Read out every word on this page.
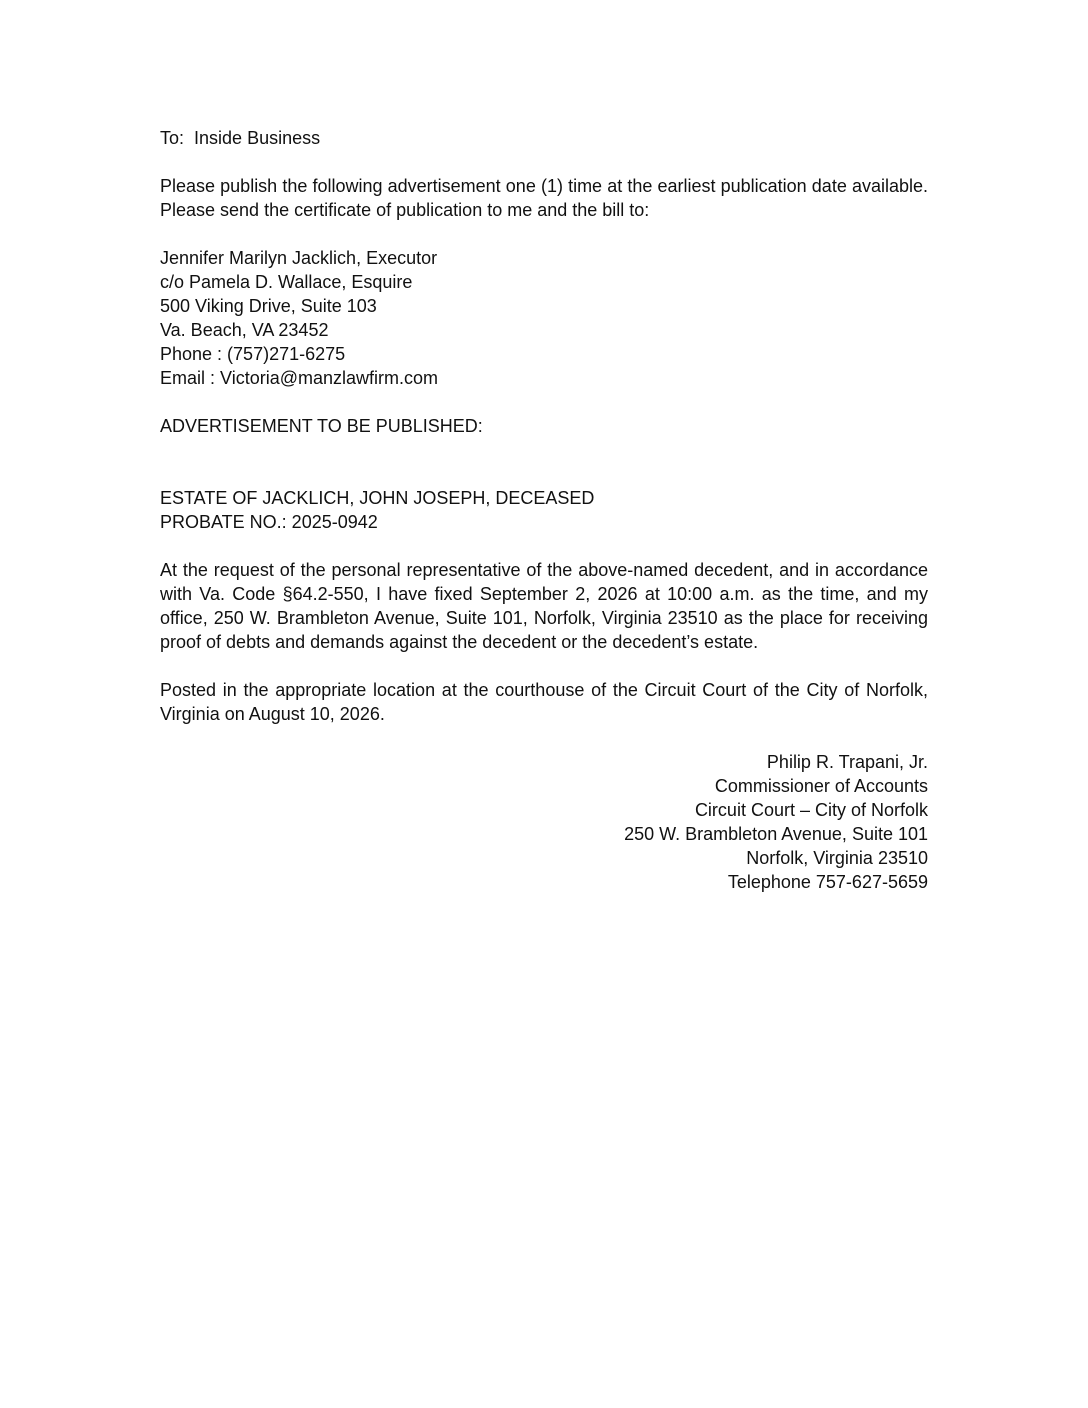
To: Inside Business

Please publish the following advertisement one (1) time at the earliest publication date available. Please send the certificate of publication to me and the bill to:

Jennifer Marilyn Jacklich, Executor
c/o Pamela D. Wallace, Esquire
500 Viking Drive, Suite 103
Va. Beach, VA 23452
Phone : (757)271-6275
Email : Victoria@manzlawfirm.com

ADVERTISEMENT TO BE PUBLISHED:

ESTATE OF JACKLICH, JOHN JOSEPH, DECEASED
PROBATE NO.: 2025-0942

At the request of the personal representative of the above-named decedent, and in accordance with Va. Code §64.2-550, I have fixed September 2, 2026 at 10:00 a.m. as the time, and my office, 250 W. Brambleton Avenue, Suite 101, Norfolk, Virginia 23510 as the place for receiving proof of debts and demands against the decedent or the decedent’s estate.

Posted in the appropriate location at the courthouse of the Circuit Court of the City of Norfolk, Virginia on August 10, 2026.

Philip R. Trapani, Jr.
Commissioner of Accounts
Circuit Court – City of Norfolk
250 W. Brambleton Avenue, Suite 101
Norfolk, Virginia 23510
Telephone 757-627-5659
